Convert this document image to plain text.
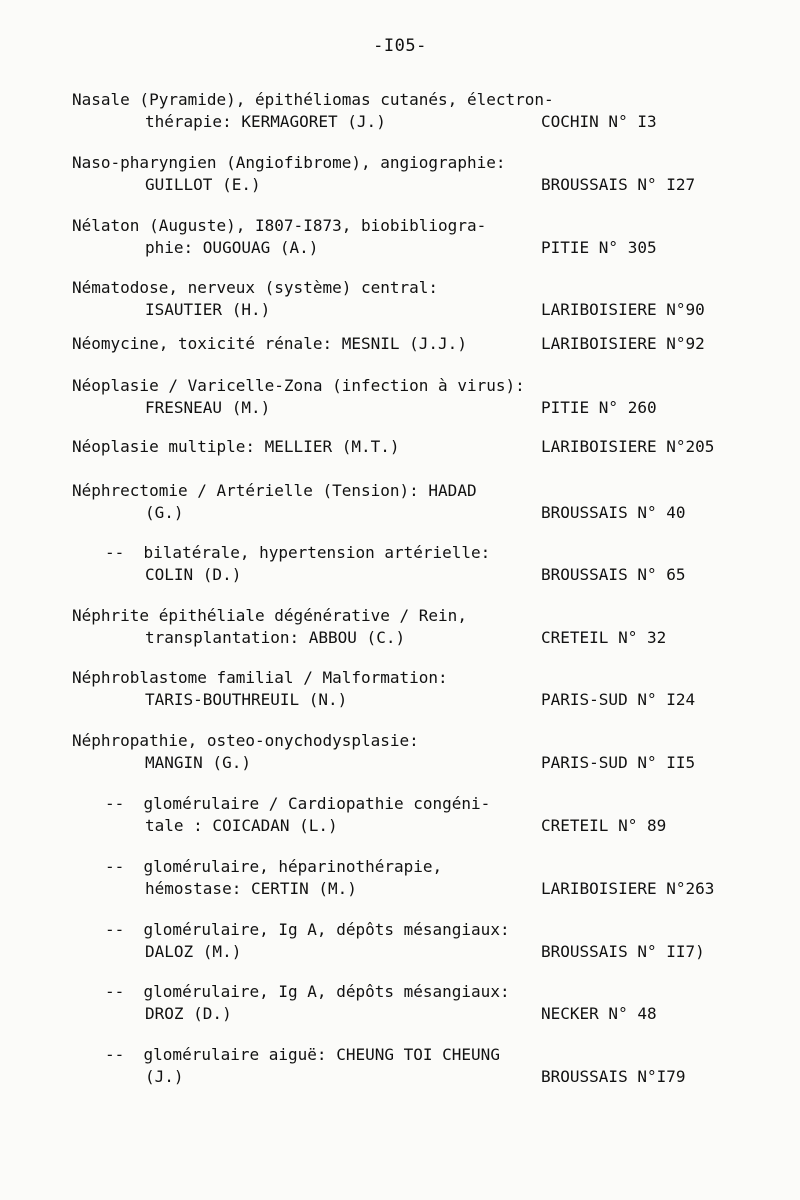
-I05-
Nasale (Pyramide), épithéliomas cutanés, électron-
thérapie: KERMAGORET (J.)	COCHIN N° I3
Naso-pharyngien (Angiofibrome), angiographie:
GUILLOT (E.)	BROUSSAIS N° I27
Nélaton (Auguste), I807-I873, biobibliogra-
phie: OUGOUAG (A.)	PITIE N° 305
Nématodose, nerveux (système) central:
ISAUTIER (H.)	LARIBOISIERE N°90
Néomycine, toxicité rénale: MESNIL (J.J.)	LARIBOISIERE N°92
Néoplasie / Varicelle-Zona (infection à virus):
FRESNEAU (M.)	PITIE N° 260
Néoplasie multiple: MELLIER (M.T.)	LARIBOISIERE N°205
Néphrectomie / Artérielle (Tension): HADAD
(G.)	BROUSSAIS N° 40
--  bilatérale, hypertension artérielle:
COLIN (D.)	BROUSSAIS N° 65
Néphrite épithéliale dégénérative / Rein,
transplantation: ABBOU (C.)	CRETEIL N° 32
Néphroblastome familial / Malformation:
TARIS-BOUTHREUIL (N.)	PARIS-SUD N° I24
Néphropathie, osteo-onychodysplasie:
MANGIN (G.)	PARIS-SUD N° II5
--  glomérulaire / Cardiopathie congéni-
tale : COICADAN (L.)	CRETEIL N° 89
--  glomérulaire, héparinothérapie,
hémostase: CERTIN (M.)	LARIBOISIERE N°263
--  glomérulaire, Ig A, dépôts mésangiaux:
DALOZ (M.)	BROUSSAIS N° II7)
--  glomérulaire, Ig A, dépôts mésangiaux:
DROZ (D.)	NECKER N° 48
--  glomérulaire aiguë: CHEUNG TOI CHEUNG
(J.)	BROUSSAIS N°I79
